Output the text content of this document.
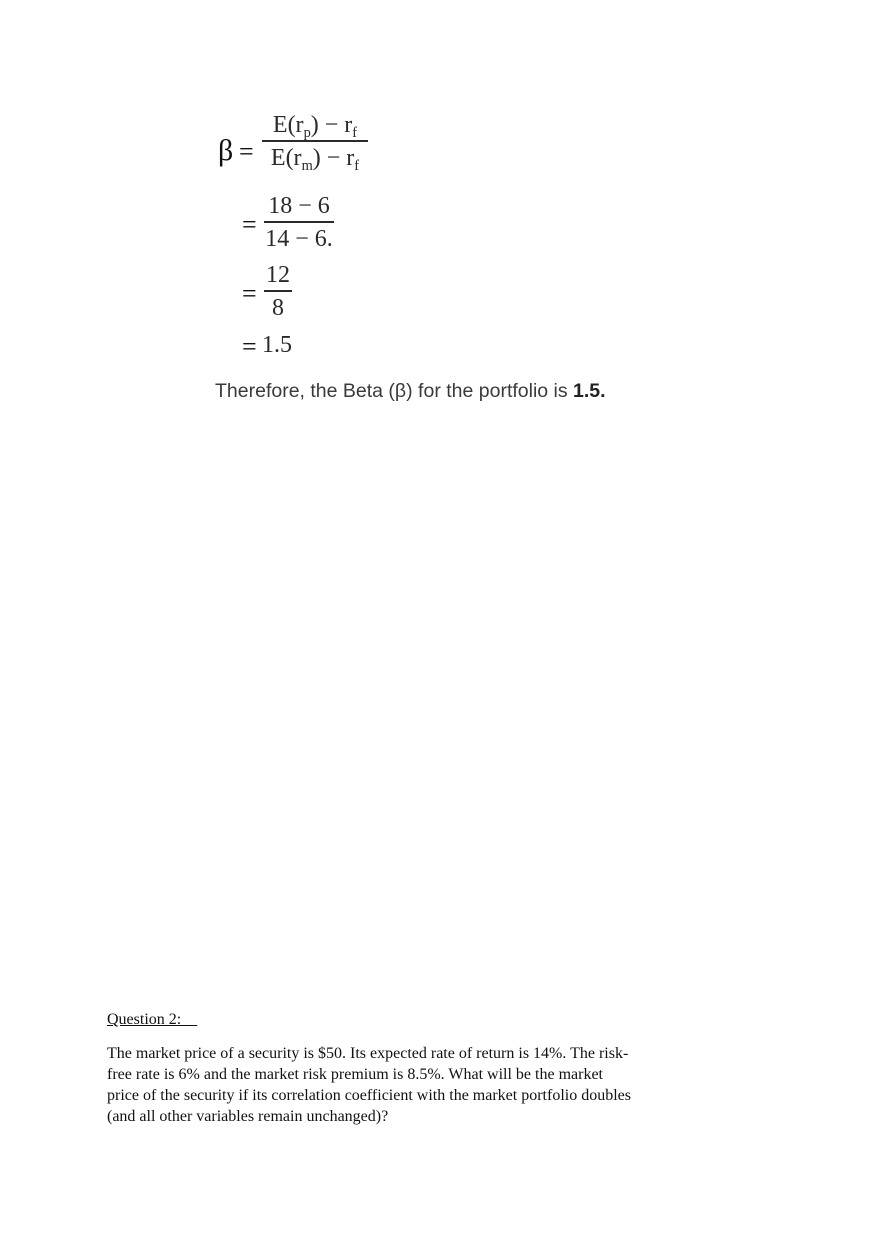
β =
$E(r_p) - r_f$
$E(r_m) - r_f$
=
18 − 6
14 − 6.
=
12
8
= 1.5
Therefore, the Beta (β) for the portfolio is 1.5.
Question 2:
The market price of a security is $50. Its expected rate of return is 14%. The risk-
free rate is 6% and the market risk premium is 8.5%. What will be the market
price of the security if its correlation coefficient with the market portfolio doubles
(and all other variables remain unchanged)?
